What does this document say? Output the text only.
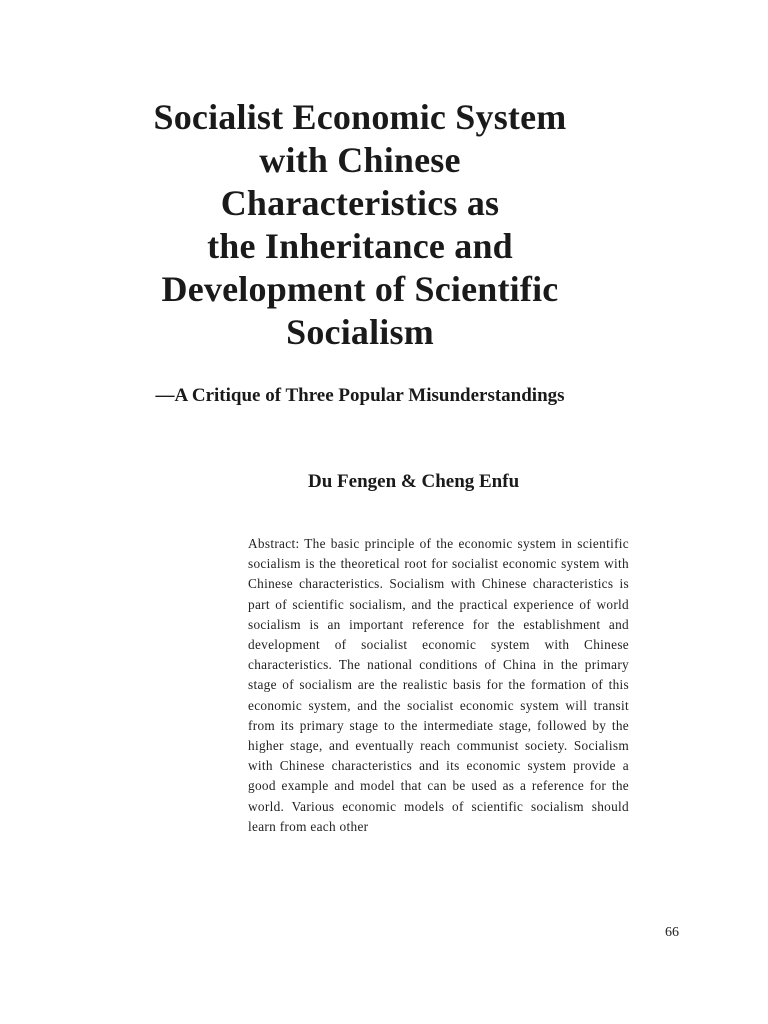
Socialist Economic System
with Chinese
Characteristics as
the Inheritance and
Development of Scientific
Socialism

—A Critique of Three Popular Misunderstandings

Du Fengen & Cheng Enfu

Abstract: The basic principle of the economic system in scientific socialism is the theoretical root for socialist economic system with Chinese characteristics. Socialism with Chinese characteristics is part of scientific socialism, and the practical experience of world socialism is an important reference for the establishment and development of socialist economic system with Chinese characteristics. The national conditions of China in the primary stage of socialism are the realistic basis for the formation of this economic system, and the socialist economic system will transit from its primary stage to the intermediate stage, followed by the higher stage, and eventually reach communist society. Socialism with Chinese characteristics and its economic system provide a good example and model that can be used as a reference for the world. Various economic models of scientific socialism should learn from each other

66
